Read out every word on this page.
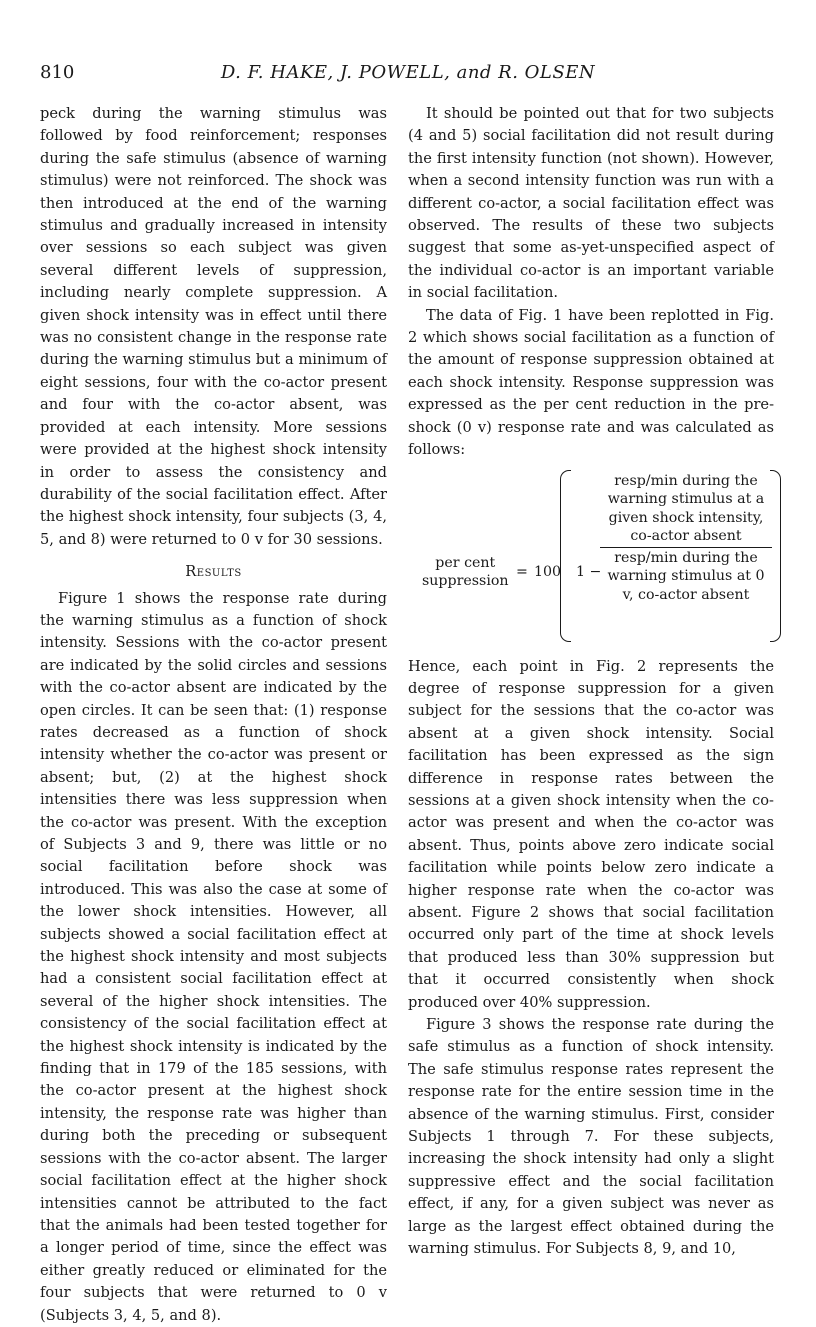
810	D. F. HAKE, J. POWELL, and R. OLSEN

peck during the warning stimulus was followed by food reinforcement; responses during the safe stimulus (absence of warning stimulus) were not reinforced. The shock was then introduced at the end of the warning stimulus and gradually increased in intensity over sessions so each subject was given several different levels of suppression, including nearly complete suppression. A given shock intensity was in effect until there was no consistent change in the response rate during the warning stimulus but a minimum of eight sessions, four with the co-actor present and four with the co-actor absent, was provided at each intensity. More sessions were provided at the highest shock intensity in order to assess the consistency and durability of the social facilitation effect. After the highest shock intensity, four subjects (3, 4, 5, and 8) were returned to 0 v for 30 sessions.

Results

Figure 1 shows the response rate during the warning stimulus as a function of shock intensity. Sessions with the co-actor present are indicated by the solid circles and sessions with the co-actor absent are indicated by the open circles. It can be seen that: (1) response rates decreased as a function of shock intensity whether the co-actor was present or absent; but, (2) at the highest shock intensities there was less suppression when the co-actor was present. With the exception of Subjects 3 and 9, there was little or no social facilitation before shock was introduced. This was also the case at some of the lower shock intensities. However, all subjects showed a social facilitation effect at the highest shock intensity and most subjects had a consistent social facilitation effect at several of the higher shock intensities. The consistency of the social facilitation effect at the highest shock intensity is indicated by the finding that in 179 of the 185 sessions, with the co-actor present at the highest shock intensity, the response rate was higher than during both the preceding or subsequent sessions with the co-actor absent. The larger social facilitation effect at the higher shock intensities cannot be attributed to the fact that the animals had been tested together for a longer period of time, since the effect was either greatly reduced or eliminated for the four subjects that were returned to 0 v (Subjects 3, 4, 5, and 8).

It should be pointed out that for two subjects (4 and 5) social facilitation did not result during the first intensity function (not shown). However, when a second intensity function was run with a different co-actor, a social facilitation effect was observed. The results of these two subjects suggest that some as-yet-unspecified aspect of the individual co-actor is an important variable in social facilitation.

The data of Fig. 1 have been replotted in Fig. 2 which shows social facilitation as a function of the amount of response suppression obtained at each shock intensity. Response suppression was expressed as the per cent reduction in the pre-shock (0 v) response rate and was calculated as follows:

per cent
suppression
= 100 1 −
resp/min during the warning stimulus at a given shock intensity, co-actor absent
resp/min during the warning stimulus at 0 v, co-actor absent

Hence, each point in Fig. 2 represents the degree of response suppression for a given subject for the sessions that the co-actor was absent at a given shock intensity. Social facilitation has been expressed as the sign difference in response rates between the sessions at a given shock intensity when the co-actor was present and when the co-actor was absent. Thus, points above zero indicate social facilitation while points below zero indicate a higher response rate when the co-actor was absent. Figure 2 shows that social facilitation occurred only part of the time at shock levels that produced less than 30% suppression but that it occurred consistently when shock produced over 40% suppression.

Figure 3 shows the response rate during the safe stimulus as a function of shock intensity. The safe stimulus response rates represent the response rate for the entire session time in the absence of the warning stimulus. First, consider Subjects 1 through 7. For these subjects, increasing the shock intensity had only a slight suppressive effect and the social facilitation effect, if any, for a given subject was never as large as the largest effect obtained during the warning stimulus. For Subjects 8, 9, and 10,
